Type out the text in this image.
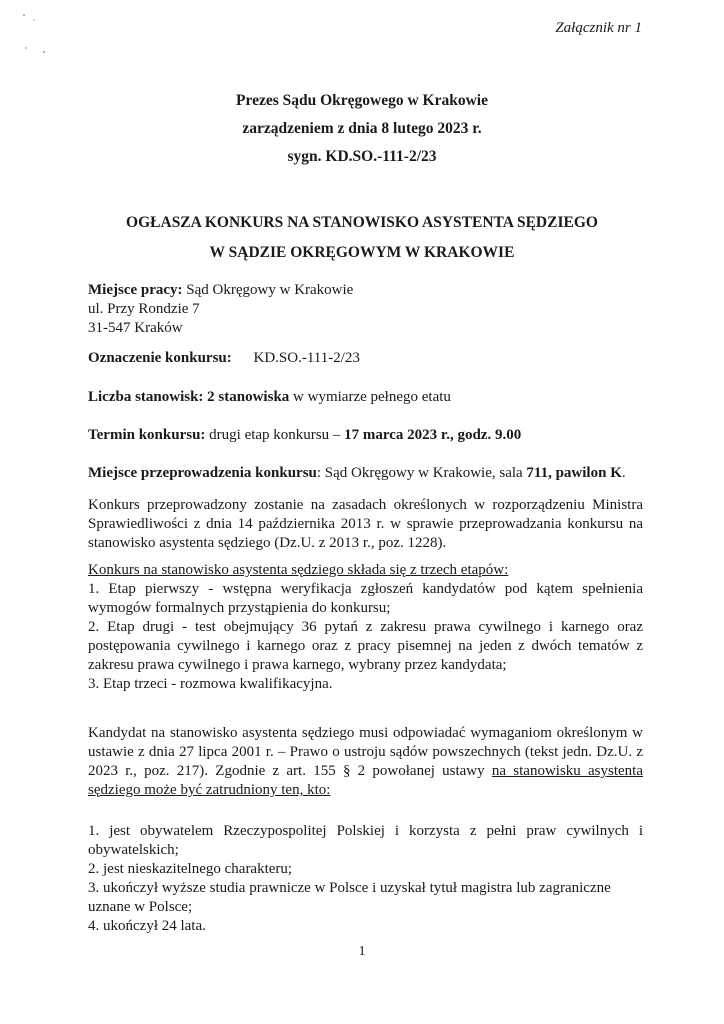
Załącznik nr 1
Prezes Sądu Okręgowego w Krakowie
zarządzeniem z dnia 8 lutego 2023 r.
sygn. KD.SO.-111-2/23
OGŁASZA KONKURS NA STANOWISKO ASYSTENTA SĘDZIEGO
W SĄDZIE OKRĘGOWYM W KRAKOWIE
Miejsce pracy: Sąd Okręgowy w Krakowie
ul. Przy Rondzie 7
31-547 Kraków
Oznaczenie konkursu: KD.SO.-111-2/23
Liczba stanowisk: 2 stanowiska w wymiarze pełnego etatu
Termin konkursu: drugi etap konkursu – 17 marca 2023 r., godz. 9.00
Miejsce przeprowadzenia konkursu: Sąd Okręgowy w Krakowie, sala 711, pawilon K.
Konkurs przeprowadzony zostanie na zasadach określonych w rozporządzeniu Ministra Sprawiedliwości z dnia 14 października 2013 r. w sprawie przeprowadzania konkursu na stanowisko asystenta sędziego (Dz.U. z 2013 r., poz. 1228).
Konkurs na stanowisko asystenta sędziego składa się z trzech etapów:
1. Etap pierwszy - wstępna weryfikacja zgłoszeń kandydatów pod kątem spełnienia wymogów formalnych przystąpienia do konkursu;
2. Etap drugi - test obejmujący 36 pytań z zakresu prawa cywilnego i karnego oraz postępowania cywilnego i karnego oraz z pracy pisemnej na jeden z dwóch tematów z zakresu prawa cywilnego i prawa karnego, wybrany przez kandydata;
3. Etap trzeci - rozmowa kwalifikacyjna.
Kandydat na stanowisko asystenta sędziego musi odpowiadać wymaganiom określonym w ustawie z dnia 27 lipca 2001 r. – Prawo o ustroju sądów powszechnych (tekst jedn. Dz.U. z 2023 r., poz. 217). Zgodnie z art. 155 § 2 powołanej ustawy na stanowisku asystenta sędziego może być zatrudniony ten, kto:
1. jest obywatelem Rzeczypospolitej Polskiej i korzysta z pełni praw cywilnych i obywatelskich;
2. jest nieskazitelnego charakteru;
3. ukończył wyższe studia prawnicze w Polsce i uzyskał tytuł magistra lub zagraniczne uznane w Polsce;
4. ukończył 24 lata.
1
